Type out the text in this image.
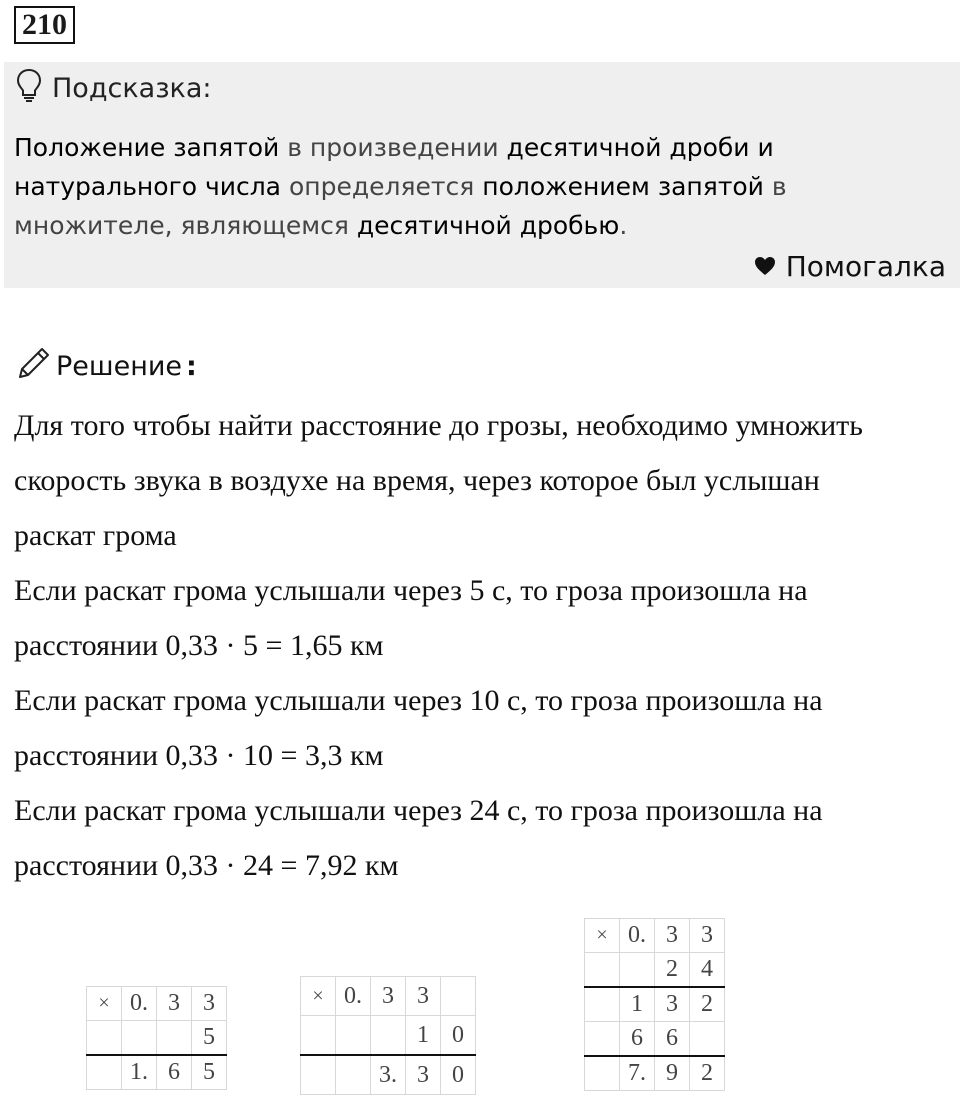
210
Подсказка:
Положение запятой в произведении десятичной дроби и натурального числа определяется положением запятой в множителе, являющемся десятичной дробью.
Помогалка
Решение :
Для того чтобы найти расстояние до грозы, необходимо умножить
скорость звука в воздухе на время, через которое был услышан
раскат грома
Если раскат грома услышали через 5 с, то гроза произошла на
расстоянии 0,33 · 5 = 1,65 км
Если раскат грома услышали через 10 с, то гроза произошла на
расстоянии 0,33 · 10 = 3,3 км
Если раскат грома услышали через 24 с, то гроза произошла на
расстоянии 0,33 · 24 = 7,92 км
×	0.	3	3
			5
	1.	6	5
×	0.	3	3	
			1	0
		3.	3	0
×	0.	3	3
		2	4
	1	3	2
	6	6	
	7.	9	2
